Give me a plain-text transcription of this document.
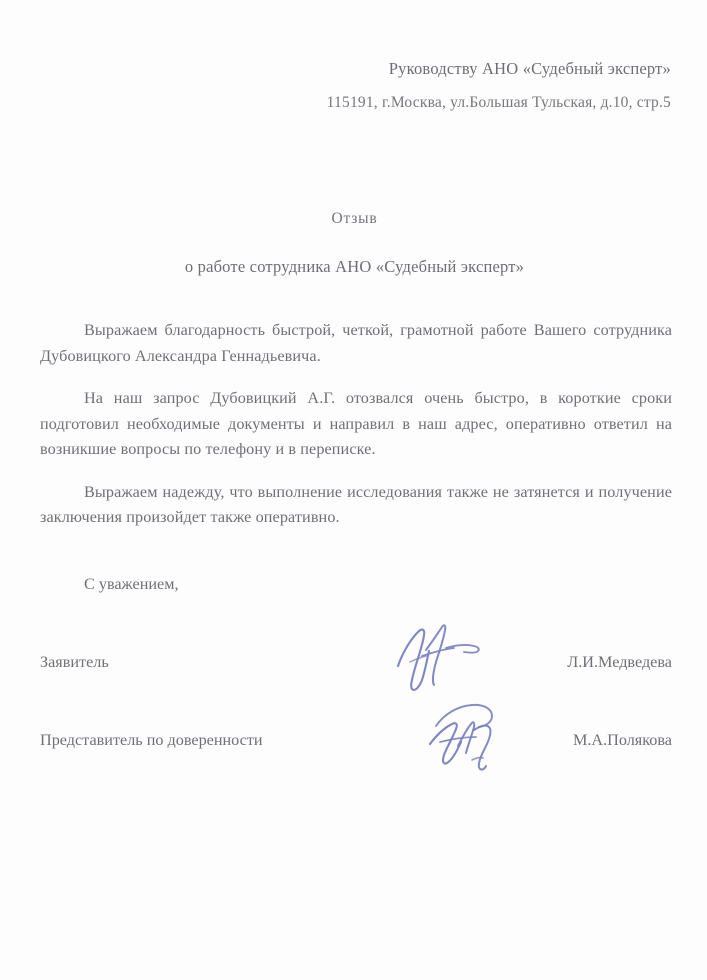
Руководству АНО «Судебный эксперт»
115191, г.Москва, ул.Большая Тульская, д.10, стр.5
Отзыв
о работе сотрудника АНО «Судебный эксперт»

Выражаем благодарность быстрой, четкой, грамотной работе Вашего сотрудника Дубовицкого Александра Геннадьевича.

На наш запрос Дубовицкий А.Г. отозвался очень быстро, в короткие сроки подготовил необходимые документы и направил в наш адрес, оперативно ответил на возникшие вопросы по телефону и в переписке.

Выражаем надежду, что выполнение исследования также не затянется и получение заключения произойдет также оперативно.

С уважением,
Заявитель	Л.И.Медведева
Представитель по доверенности	М.А.Полякова
